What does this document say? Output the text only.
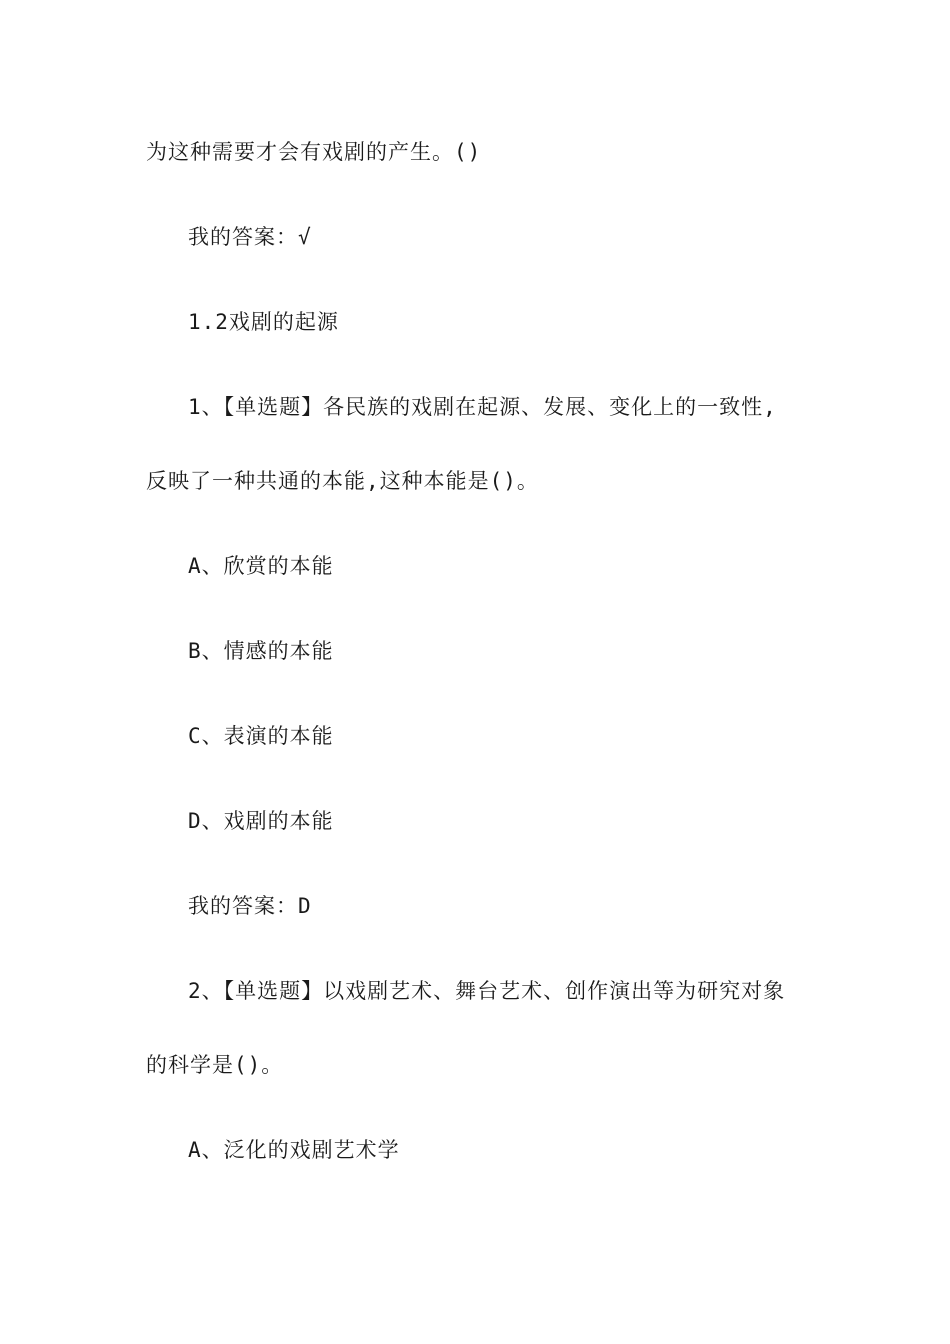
为这种需要才会有戏剧的产生。()
我的答案：√
1.2戏剧的起源
1、【单选题】各民族的戏剧在起源、发展、变化上的一致性,
反映了一种共通的本能,这种本能是()。
A、欣赏的本能
B、情感的本能
C、表演的本能
D、戏剧的本能
我的答案：D
2、【单选题】以戏剧艺术、舞台艺术、创作演出等为研究对象
的科学是()。
A、泛化的戏剧艺术学
